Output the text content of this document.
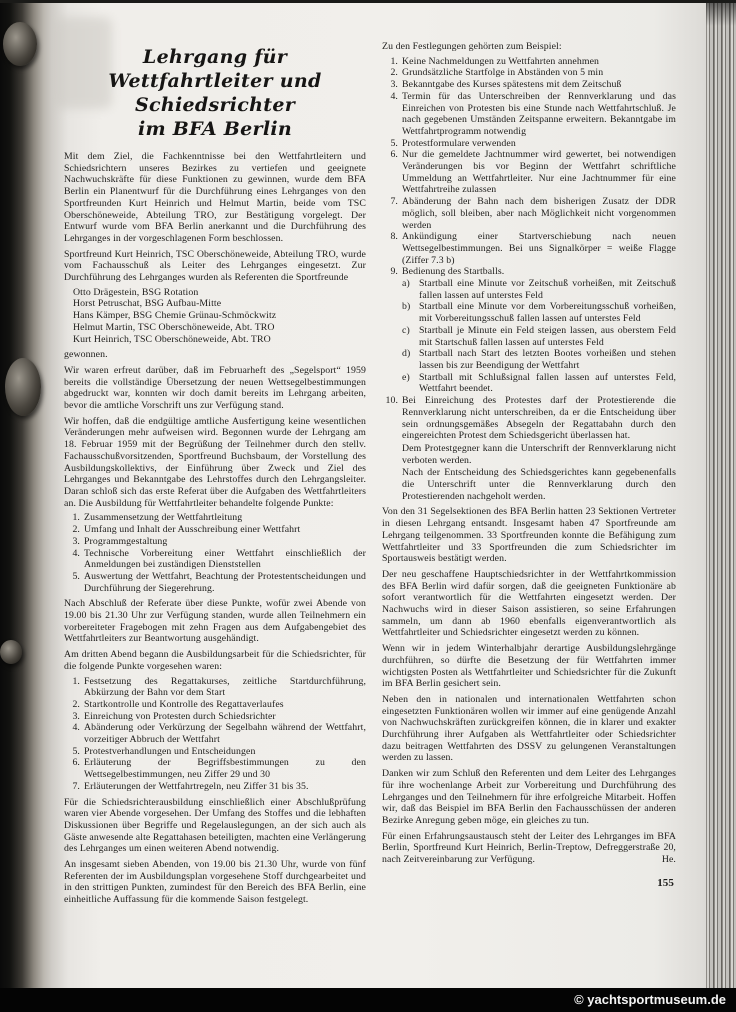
Lehrgang für
Wettfahrtleiter und Schiedsrichter
im BFA Berlin

Mit dem Ziel, die Fachkenntnisse bei den Wettfahrtleitern und Schiedsrichtern unseres Bezirkes zu vertiefen und geeignete Nachwuchskräfte für diese Funktionen zu gewinnen, wurde dem BFA Berlin ein Planentwurf für die Durchführung eines Lehrganges von den Sportfreunden Kurt Heinrich und Helmut Martin, beide vom TSC Oberschöneweide, Abteilung TRO, zur Bestätigung vorgelegt. Der Entwurf wurde vom BFA Berlin anerkannt und die Durchführung des Lehrganges in der vorgeschlagenen Form beschlossen.

Sportfreund Kurt Heinrich, TSC Oberschöneweide, Abteilung TRO, wurde vom Fachausschuß als Leiter des Lehrganges eingesetzt. Zur Durchführung des Lehrganges wurden als Referenten die Sportfreunde

Otto Drägestein, BSG Rotation
Horst Petruschat, BSG Aufbau-Mitte
Hans Kämper, BSG Chemie Grünau-Schmöckwitz
Helmut Martin, TSC Oberschöneweide, Abt. TRO
Kurt Heinrich, TSC Oberschöneweide, Abt. TRO
gewonnen.

Wir waren erfreut darüber, daß im Februarheft des „Segelsport“ 1959 bereits die vollständige Übersetzung der neuen Wettsegelbestimmungen abgedruckt war, konnten wir doch damit bereits im Lehrgang arbeiten, bevor die amtliche Vorschrift uns zur Verfügung stand.

Wir hoffen, daß die endgültige amtliche Ausfertigung keine wesentlichen Veränderungen mehr aufweisen wird. Begonnen wurde der Lehrgang am 18. Februar 1959 mit der Begrüßung der Teilnehmer durch den stellv. Fachausschußvorsitzenden, Sportfreund Buchsbaum, der Vorstellung des Ausbildungskollektivs, der Einführung über Zweck und Ziel des Lehrganges und Bekanntgabe des Lehrstoffes durch den Lehrgangsleiter. Daran schloß sich das erste Referat über die Aufgaben des Wettfahrtleiters an. Die Ausbildung für Wettfahrtleiter behandelte folgende Punkte:

1. Zusammensetzung der Wettfahrtleitung
2. Umfang und Inhalt der Ausschreibung einer Wettfahrt
3. Programmgestaltung
4. Technische Vorbereitung einer Wettfahrt einschließlich der Anmeldungen bei zuständigen Dienststellen
5. Auswertung der Wettfahrt, Beachtung der Protestentscheidungen und Durchführung der Siegerehrung.

Nach Abschluß der Referate über diese Punkte, wofür zwei Abende von 19.00 bis 21.30 Uhr zur Verfügung standen, wurde allen Teilnehmern ein vorbereiteter Fragebogen mit zehn Fragen aus dem Aufgabengebiet des Wettfahrtleiters zur Beantwortung ausgehändigt.

Am dritten Abend begann die Ausbildungsarbeit für die Schiedsrichter, für die folgende Punkte vorgesehen waren:

1. Festsetzung des Regattakurses, zeitliche Startdurchführung, Abkürzung der Bahn vor dem Start
2. Startkontrolle und Kontrolle des Regattaverlaufes
3. Einreichung von Protesten durch Schiedsrichter
4. Abänderung oder Verkürzung der Segelbahn während der Wettfahrt, vorzeitiger Abbruch der Wettfahrt
5. Protestverhandlungen und Entscheidungen
6. Erläuterung der Begriffsbestimmungen zu den Wettsegelbestimmungen, neu Ziffer 29 und 30
7. Erläuterungen der Wettfahrtregeln, neu Ziffer 31 bis 35.

Für die Schiedsrichterausbildung einschließlich einer Abschlußprüfung waren vier Abende vorgesehen. Der Umfang des Stoffes und die lebhaften Diskussionen über Begriffe und Regelauslegungen, an der sich auch als Gäste anwesende alte Regattahasen beteiligten, machten eine Verlängerung des Lehrganges um einen weiteren Abend notwendig.

An insgesamt sieben Abenden, von 19.00 bis 21.30 Uhr, wurde von fünf Referenten der im Ausbildungsplan vorgesehene Stoff durchgearbeitet und in den strittigen Punkten, zumindest für den Bereich des BFA Berlin, eine einheitliche Auffassung für die kommende Saison festgelegt.

Zu den Festlegungen gehörten zum Beispiel:

1. Keine Nachmeldungen zu Wettfahrten annehmen
2. Grundsätzliche Startfolge in Abständen von 5 min
3. Bekanntgabe des Kurses spätestens mit dem Zeitschuß
4. Termin für das Unterschreiben der Rennverklarung und das Einreichen von Protesten bis eine Stunde nach Wettfahrtschluß. Je nach gegebenen Umständen Zeitspanne erweitern. Bekanntgabe im Wettfahrtprogramm notwendig
5. Protestformulare verwenden
6. Nur die gemeldete Jachtnummer wird gewertet, bei notwendigen Veränderungen bis vor Beginn der Wettfahrt schriftliche Ummeldung an Wettfahrtleiter. Nur eine Jachtnummer für eine Wettfahrtreihe zulassen
7. Abänderung der Bahn nach dem bisherigen Zusatz der DDR möglich, soll bleiben, aber nach Möglichkeit nicht vorgenommen werden
8. Ankündigung einer Startverschiebung nach neuen Wettsegelbestimmungen. Bei uns Signalkörper = weiße Flagge (Ziffer 7.3 b)
9. Bedienung des Startballs.
a) Startball eine Minute vor Zeitschuß vorheißen, mit Zeitschuß fallen lassen auf unterstes Feld
b) Startball eine Minute vor dem Vorbereitungsschuß vorheißen, mit Vorbereitungsschuß fallen lassen auf unterstes Feld
c) Startball je Minute ein Feld steigen lassen, aus oberstem Feld mit Startschuß fallen lassen auf unterstes Feld
d) Startball nach Start des letzten Bootes vorheißen und stehen lassen bis zur Beendigung der Wettfahrt
e) Startball mit Schlußsignal fallen lassen auf unterstes Feld, Wettfahrt beendet.
10. Bei Einreichung des Protestes darf der Protestierende die Rennverklarung nicht unterschreiben, da er die Entscheidung über sein ordnungsgemäßes Absegeln der Regattabahn durch den eingereichten Protest dem Schiedsgericht überlassen hat.
Dem Protestgegner kann die Unterschrift der Rennverklarung nicht verboten werden.
Nach der Entscheidung des Schiedsgerichtes kann gegebenenfalls die Unterschrift unter die Rennverklarung durch den Protestierenden nachgeholt werden.

Von den 31 Segelsektionen des BFA Berlin hatten 23 Sektionen Vertreter in diesen Lehrgang entsandt. Insgesamt haben 47 Sportfreunde am Lehrgang teilgenommen. 33 Sportfreunden konnte die Befähigung zum Wettfahrtleiter und 33 Sportfreunden die zum Schiedsrichter im Sportausweis bestätigt werden.

Der neu geschaffene Hauptschiedsrichter in der Wettfahrtkommission des BFA Berlin wird dafür sorgen, daß die geeigneten Funktionäre ab sofort verantwortlich für die Wettfahrten eingesetzt werden. Der Nachwuchs wird in dieser Saison assistieren, so seine Erfahrungen sammeln, um dann ab 1960 ebenfalls eigenverantwortlich als Wettfahrtleiter und Schiedsrichter eingesetzt werden zu können.

Wenn wir in jedem Winterhalbjahr derartige Ausbildungslehrgänge durchführen, so dürfte die Besetzung der für Wettfahrten immer wichtigsten Posten als Wettfahrtleiter und Schiedsrichter für die Zukunft im BFA Berlin gesichert sein.

Neben den in nationalen und internationalen Wettfahrten schon eingesetzten Funktionären wollen wir immer auf eine genügende Anzahl von Nachwuchskräften zurückgreifen können, die in klarer und exakter Durchführung ihrer Aufgaben als Wettfahrtleiter oder Schiedsrichter dazu beitragen Wettfahrten des DSSV zu gelungenen Veranstaltungen werden zu lassen.

Danken wir zum Schluß den Referenten und dem Leiter des Lehrganges für ihre wochenlange Arbeit zur Vorbereitung und Durchführung des Lehrganges und den Teilnehmern für ihre erfolgreiche Mitarbeit. Hoffen wir, daß das Beispiel im BFA Berlin den Fachausschüssen der anderen Bezirke Anregung geben möge, ein gleiches zu tun.

Für einen Erfahrungsaustausch steht der Leiter des Lehrganges im BFA Berlin, Sportfreund Kurt Heinrich, Berlin-Treptow, Defreggerstraße 20, nach Zeitvereinbarung zur Verfügung.	He.

155
© yachtsportmuseum.de
